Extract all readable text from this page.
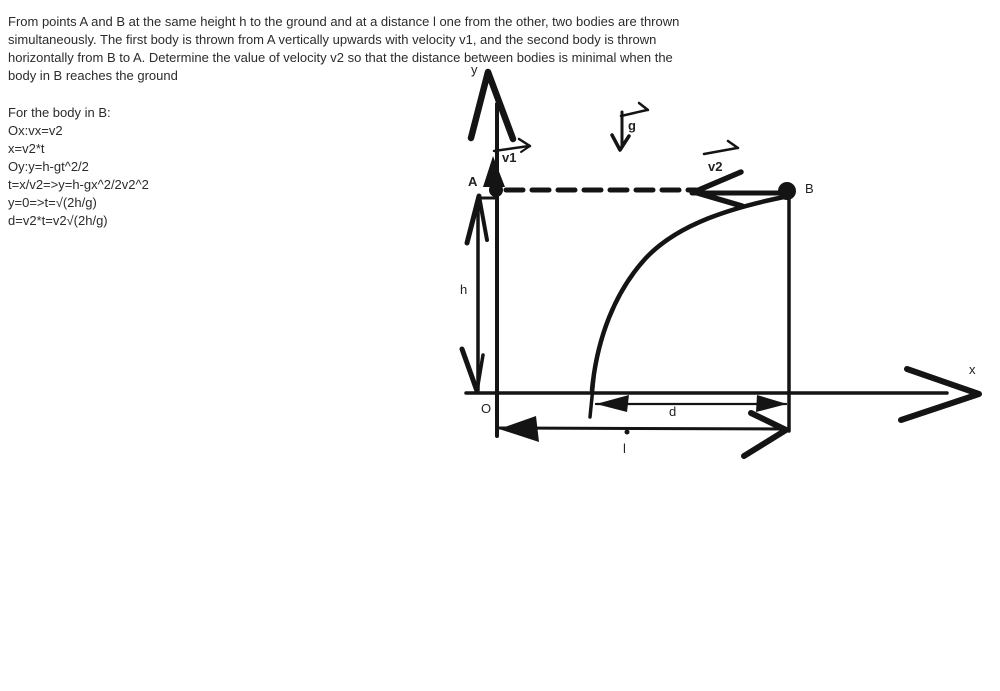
From points A and B at the same height h to the ground and at a distance l one from the other, two bodies are thrown
simultaneously. The first body is thrown from A vertically upwards with velocity v1, and the second body is thrown
horizontally from B to A. Determine the value of velocity v2 so that the distance between bodies is minimal when the
body in B reaches the ground
For the body in B:
Ox:vx=v2
x=v2*t
Oy:y=h-gt^2/2
t=x/v2=>y=h-gx^2/2v2^2
y=0=>t=√(2h/g)
d=v2*t=v2√(2h/g)
y
x
O
v1
g
v2
A	B
h
d
l
